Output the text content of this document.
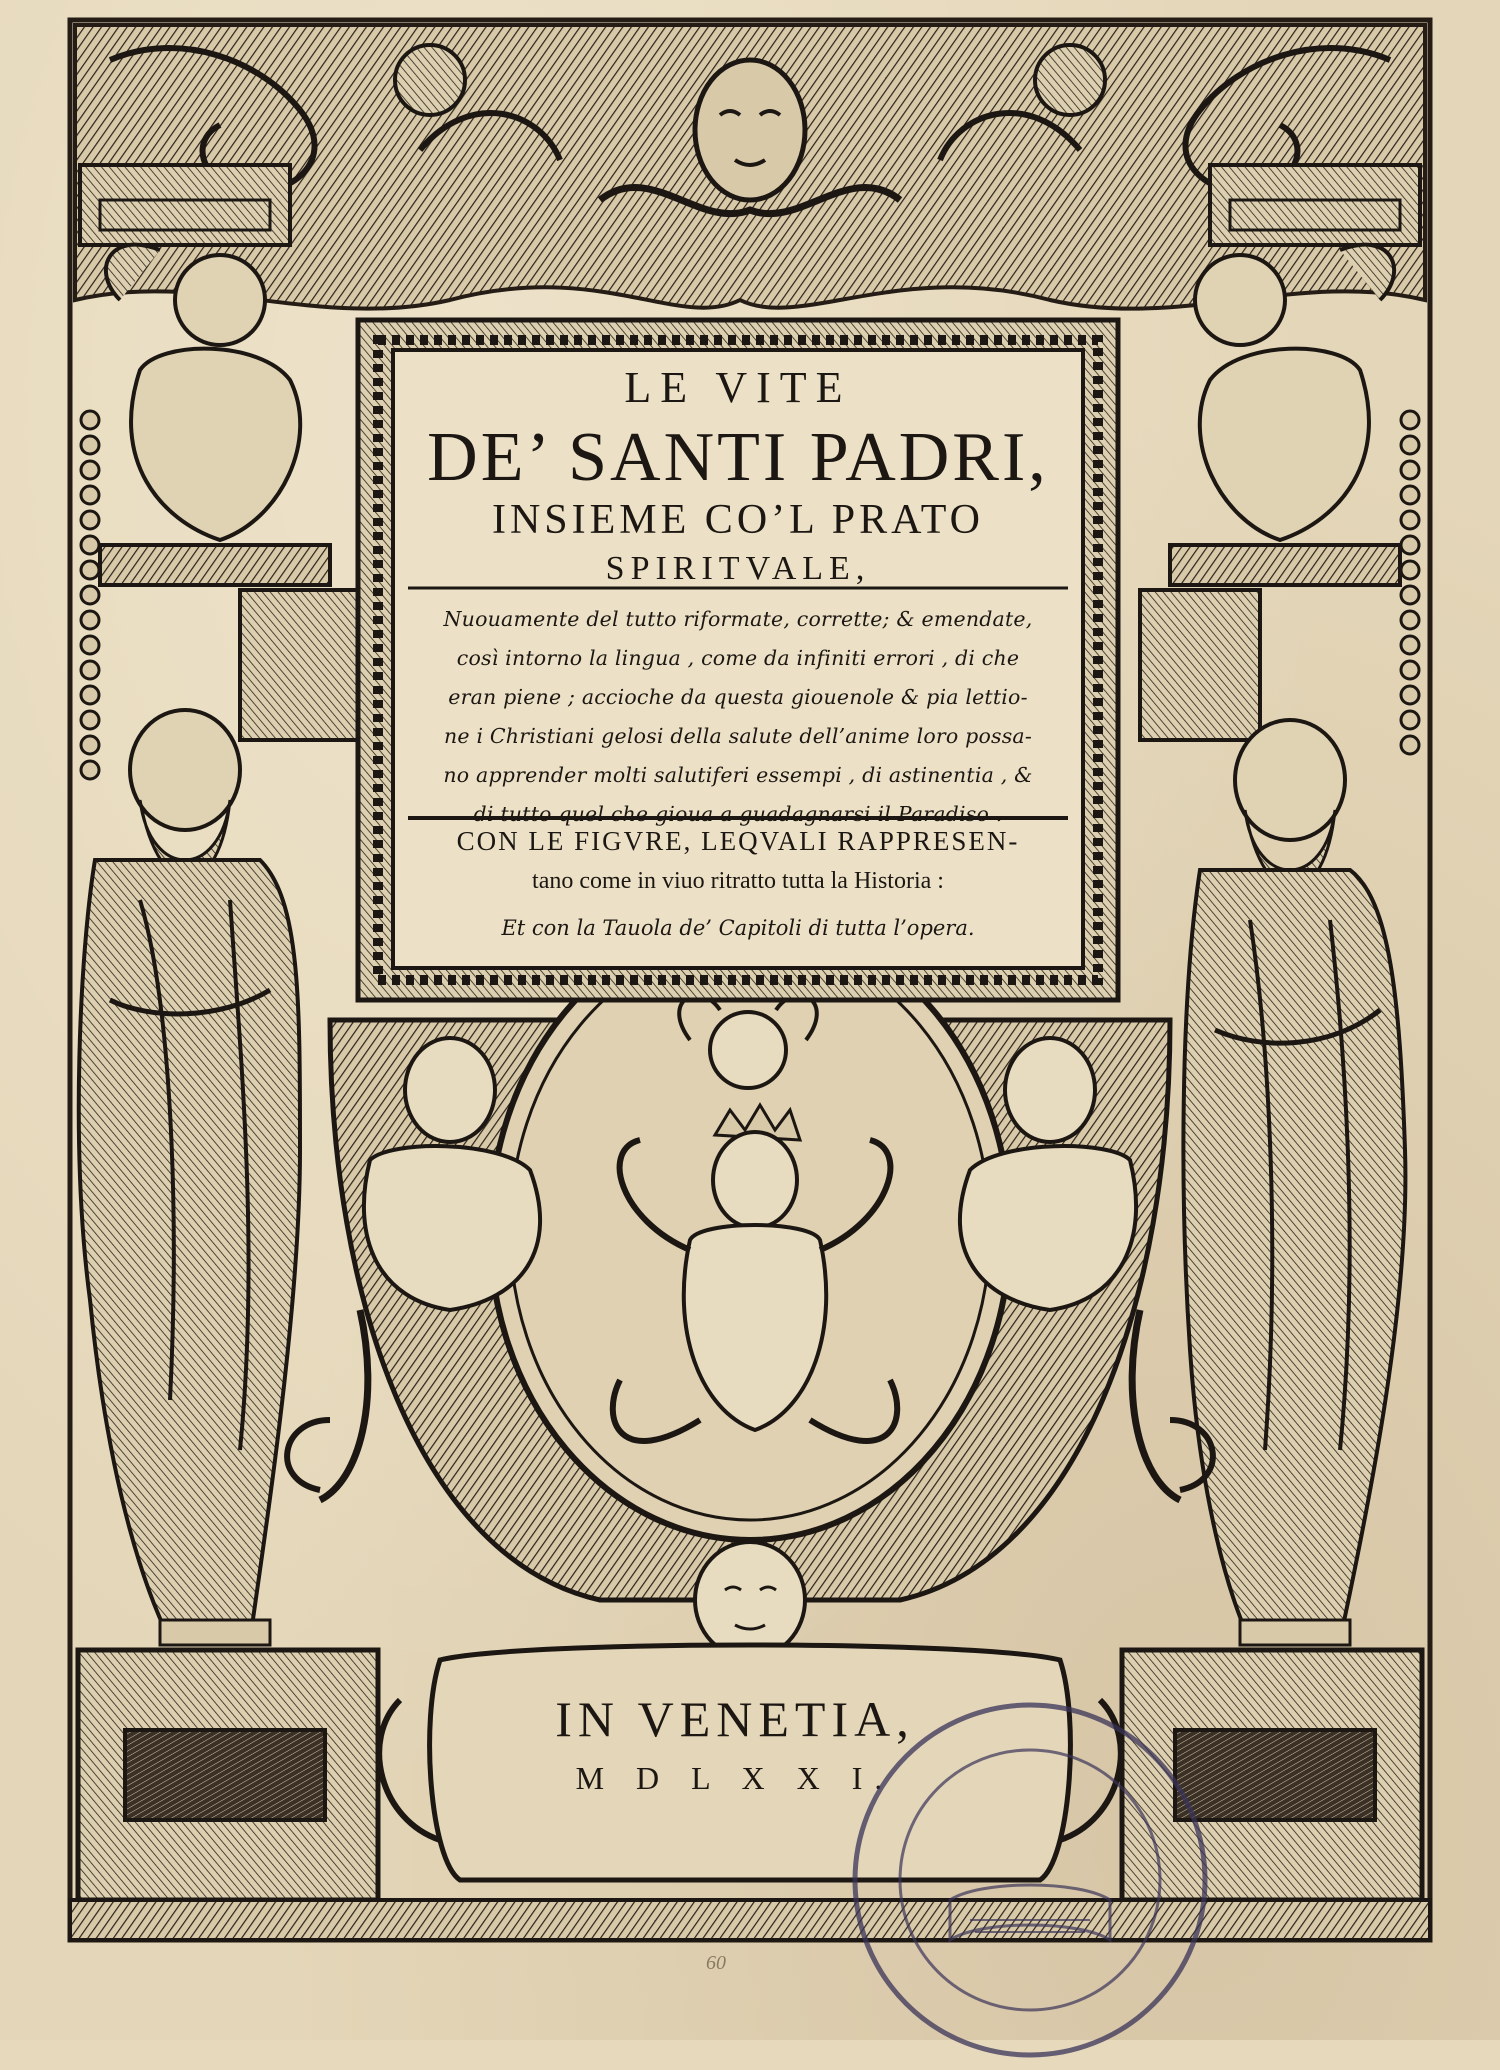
LE VITE
DE’ SANTI PADRI,
INSIEME CO’L PRATO
SPIRITVALE,
Nuouamente del tutto riformate, corrette; & emendate,
così intorno la lingua , come da infiniti errori , di che
eran piene ; accioche da questa giouenole & pia lettio-
ne i Christiani gelosi della salute dell’anime loro possa-
no apprender molti salutiferi essempi , di astinentia , &
di tutto quel che gioua a guadagnarsi il Paradiso .
CON LE FIGVRE, LEQVALI RAPPRESEN-
tano come in viuo ritratto tutta la Historia :
Et con la Tauola de’ Capitoli di tutta l’opera.
IN VENETIA,
M D L X X I.
60
